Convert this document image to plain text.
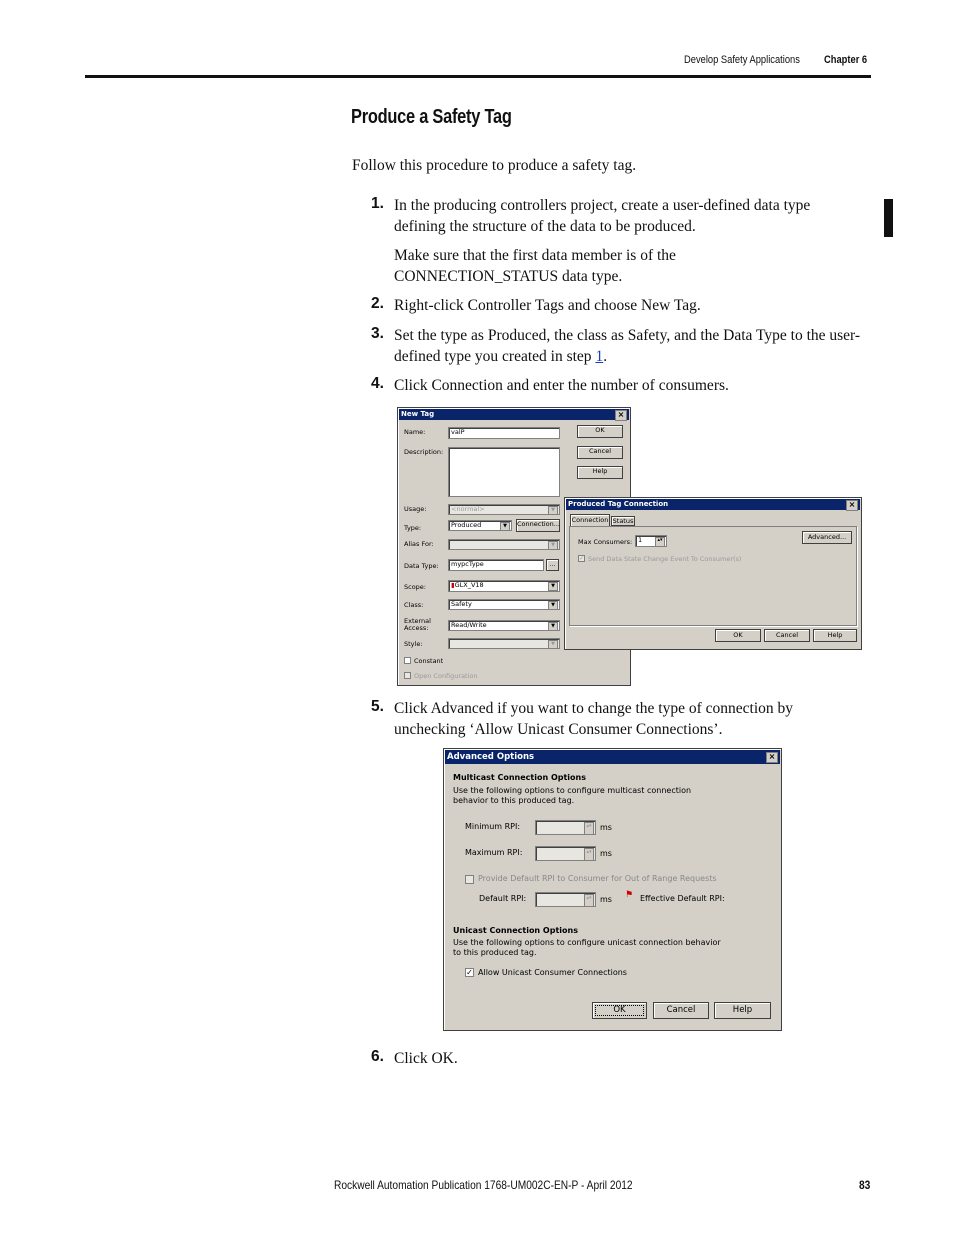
Develop Safety Applications Chapter 6
Produce a Safety Tag
Follow this procedure to produce a safety tag.
1. In the producing controllers project, create a user-defined data type defining the structure of the data to be produced.
Make sure that the first data member is of the CONNECTION_STATUS data type.
2. Right-click Controller Tags and choose New Tag.
3. Set the type as Produced, the class as Safety, and the Data Type to the user-defined type you created in step 1.
4. Click Connection and enter the number of consumers.
New Tag	×
Name:	valP	OK
Description:	Cancel
Help
Usage:	<normal>	▼
Type:	Produced	▼	Connection...
Alias For:	▼
Data Type:	mypcType	...
Scope:	▮GLX_V18	▼
Class:	Safety	▼
External Access:	Read/Write	▼
Style:	▼
Constant
Open Configuration
Produced Tag Connection	×
Connection Status
Max Consumers: 1	▴▾	Advanced...
✓ Send Data State Change Event To Consumer(s)
OK	Cancel	Help
5. Click Advanced if you want to change the type of connection by unchecking ‘Allow Unicast Consumer Connections’.
Advanced Options	×
Multicast Connection Options
Use the following options to configure multicast connection behavior to this produced tag.
Minimum RPI:	▴▾	ms
Maximum RPI:	▴▾	ms
Provide Default RPI to Consumer for Out of Range Requests
Default RPI:	▴▾	ms ⚑ Effective Default RPI:
Unicast Connection Options
Use the following options to configure unicast connection behavior to this produced tag.
✓ Allow Unicast Consumer Connections
OK	Cancel	Help
6. Click OK.
Rockwell Automation Publication 1768-UM002C-EN-P - April 2012	83
